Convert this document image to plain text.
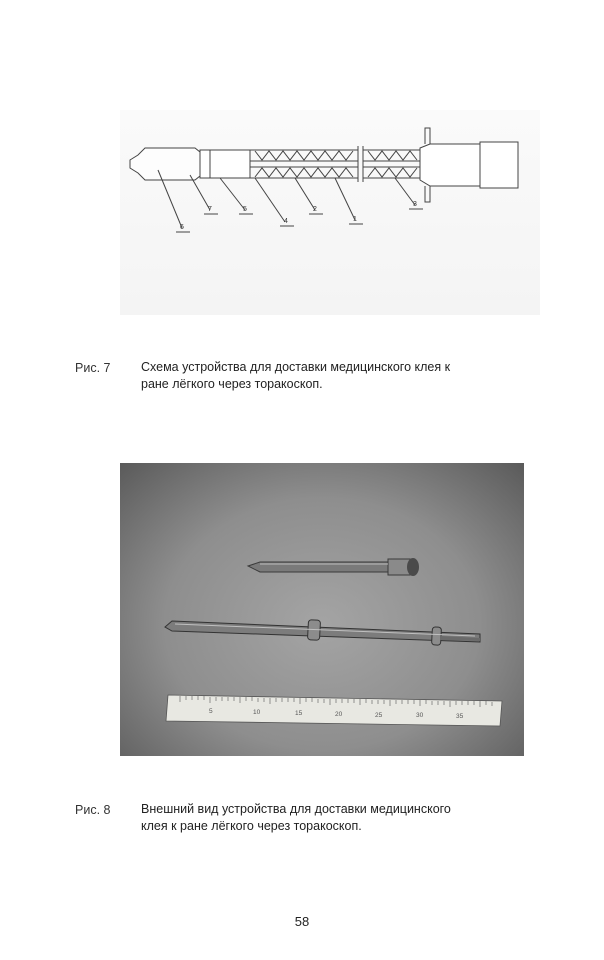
7	5
4
2
1
3
6
Рис. 7 Схема устройства для доставки медицинского клея к
ране лёгкого через торакоскоп.
5	10	15	20	25	30	35
Рис. 8 Внешний вид устройства для доставки медицинского
клея к ране лёгкого через торакоскоп.
58
